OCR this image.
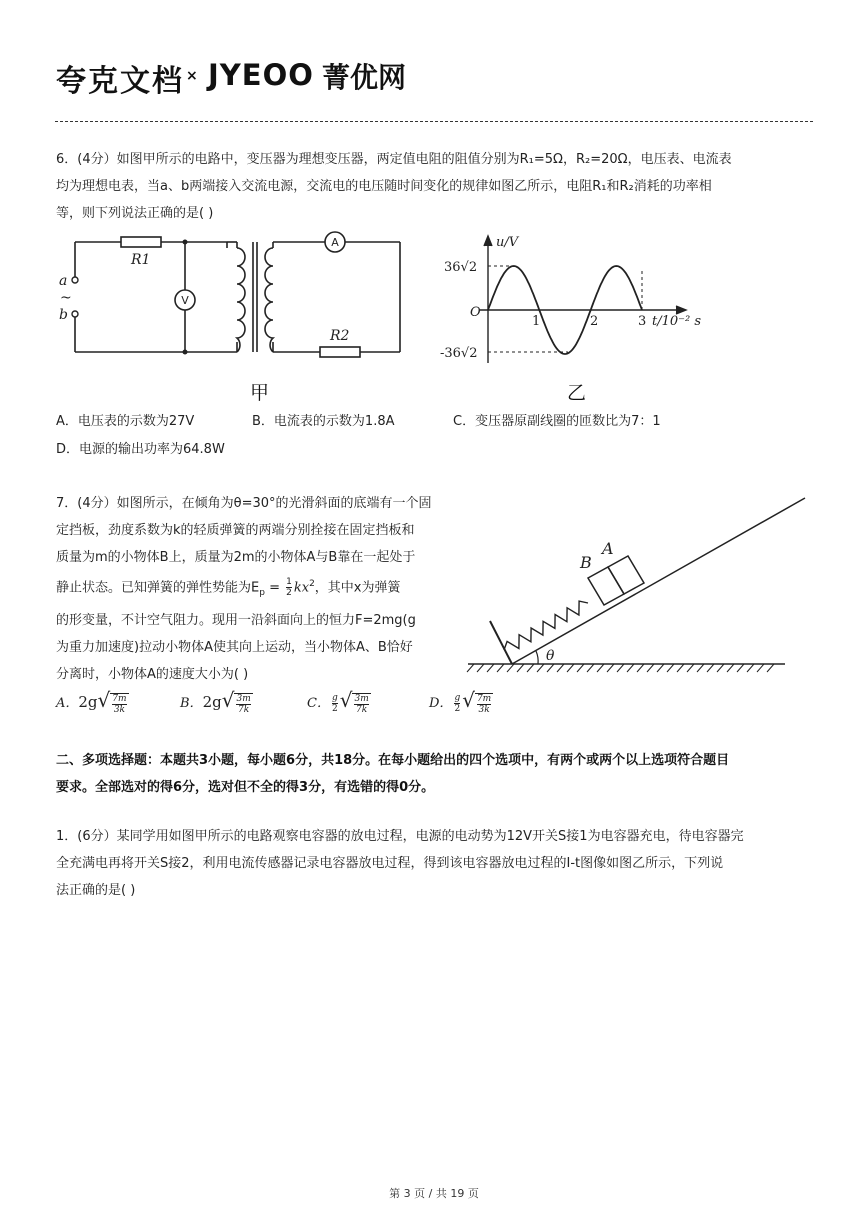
夸克文档 × JYEOO 菁优网
6．(4分）如图甲所示的电路中，变压器为理想变压器，两定值电阻的阻值分别为R₁=5Ω，R₂=20Ω，电压表、电流表
均为理想电表，当a、b两端接入交流电源，交流电的电压随时间变化的规律如图乙所示，电阻R₁和R₂消耗的功率相
等，则下列说法正确的是( )
R1
R2
a
b
~	V
A
甲
u/V
36√2
-36√2
O
1	2	3 t/10⁻² s
乙
A．电压表的示数为27V	B．电流表的示数为1.8A	C．变压器原副线圈的匝数比为7：1
D．电源的输出功率为64.8W
7．(4分）如图所示，在倾角为θ=30°的光滑斜面的底端有一个固
定挡板，劲度系数为k的轻质弹簧的两端分别拴接在固定挡板和
质量为m的小物体B上，质量为2m的小物体A与B靠在一起处于
静止状态。已知弹簧的弹性势能为$E_p = \frac{1}{2} kx^2$，其中x为弹簧
的形变量，不计空气阻力。现用一沿斜面向上的恒力F=2mg(g
为重力加速度)拉动小物体A使其向上运动，当小物体A、B恰好
分离时，小物体A的速度大小为( )
B
A
θ
A．$2g√ \frac{7m}{3k}$	B．$2g√ \frac{3m}{7k}$	C． $\frac{g}{2}$ √ $\frac{3m}{7k}$	D． $\frac{g}{2}$ √ $\frac{7m}{3k}$
二、多项选择题：本题共3小题，每小题6分，共18分。在每小题给出的四个选项中，有两个或两个以上选项符合题目
要求。全部选对的得6分，选对但不全的得3分，有选错的得0分。
1．(6分）某同学用如图甲所示的电路观察电容器的放电过程，电源的电动势为12V开关S接1为电容器充电，待电容器完
全充满电再将开关S接2，利用电流传感器记录电容器放电过程，得到该电容器放电过程的I-t图像如图乙所示，下列说
法正确的是( )
第 3 页 / 共 19 页
